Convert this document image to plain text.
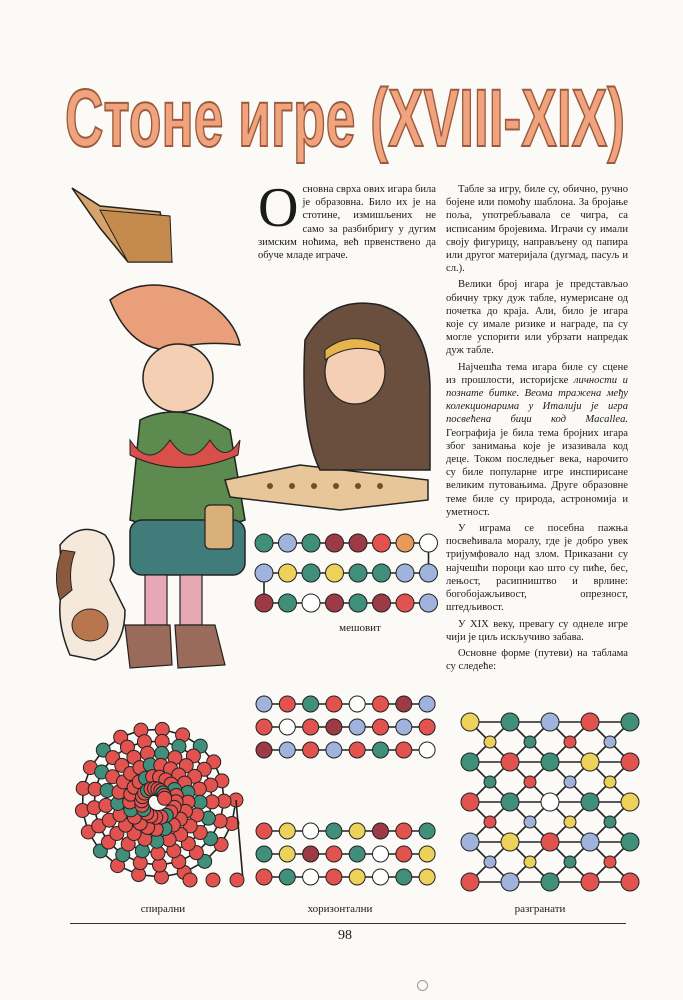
Стоне игре (XVIII-XIX)

Основна сврха ових игара била је образовна. Било их је на стотине, измишљених не само за разбибригу у дугим зимским ноћима, већ првенствено да обуче младе играче.

Табле за игру, биле су, обично, ручно бојене или помоћу шаблона. За бројање поља, употребљавала се чигра, са исписаним бројевима. Играчи су имали своју фигурицу, направљену од папира или другог материјала (дугмад, пасуљ и сл.).

Велики број игара је представљао обичну трку дуж табле, нумерисане од почетка до краја. Али, било је игара које су имале ризике и награде, па су могле успорити или убрзати напредак дуж табле.

Најчешћа тема игара биле су сцене из прошлости, историјске личности и познате битке. Веома тражена међу колекционарима у Италији је игра посвећена бици код Macallea. Географија је била тема бројних игара због занимања које је изазивала код деце. Током последњег века, нарочито су биле популарне игре инспирисане великим путовањима. Друге образовне теме биле су природа, астрономија и уметност.

У играма се посебна пажња посвећивала моралу, где је добро увек тријумфовало над злом. Приказани су најчешћи пороци као што су пиће, бес, лењост, расипништво и врлине: богобојажљивост, опрезност, штедљивост.

У XIX веку, превагу су однеле игре чији је циљ искључиво забава.

Основне форме (путеви) на таблама су следеће:

мешовит
спирални	хоризонтални	разгранати
98
